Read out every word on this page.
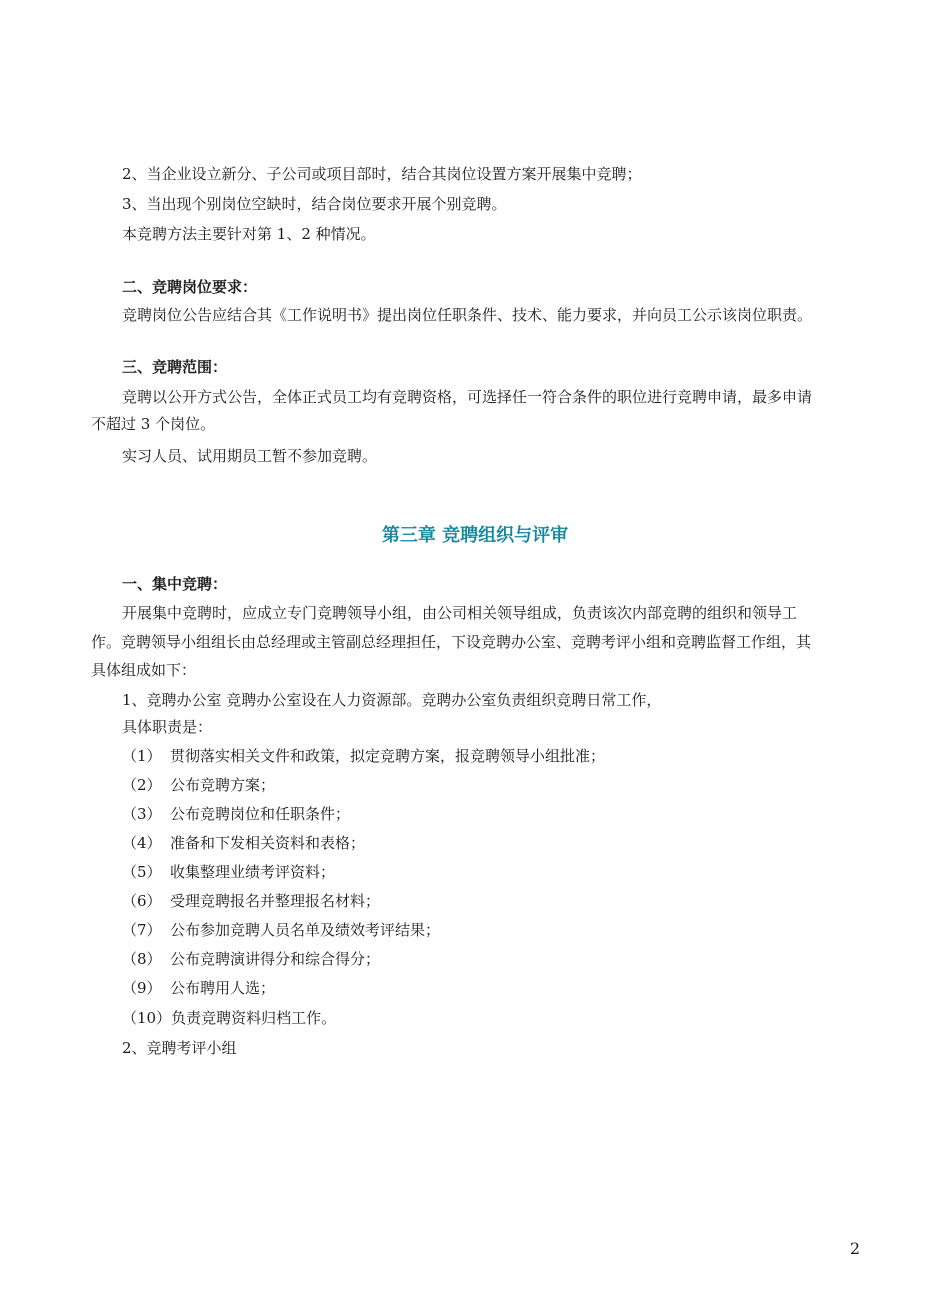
2、当企业设立新分、子公司或项目部时，结合其岗位设置方案开展集中竞聘；
3、当出现个别岗位空缺时，结合岗位要求开展个别竞聘。
本竞聘方法主要针对第 1、2 种情况。
二、竞聘岗位要求：
竞聘岗位公告应结合其《工作说明书》提出岗位任职条件、技术、能力要求，并向员工公示该岗位职责。
三、竞聘范围：
竞聘以公开方式公告，全体正式员工均有竞聘资格，可选择任一符合条件的职位进行竞聘申请，最多申请
不超过 3 个岗位。
实习人员、试用期员工暂不参加竞聘。
第三章 竞聘组织与评审
一、集中竞聘：
开展集中竞聘时，应成立专门竞聘领导小组，由公司相关领导组成，负责该次内部竞聘的组织和领导工
作。竞聘领导小组组长由总经理或主管副总经理担任，下设竞聘办公室、竞聘考评小组和竞聘监督工作组，其
具体组成如下：
1、竞聘办公室 竞聘办公室设在人力资源部。竞聘办公室负责组织竞聘日常工作，
具体职责是：
（1） 贯彻落实相关文件和政策，拟定竞聘方案，报竞聘领导小组批准；
（2） 公布竞聘方案；
（3） 公布竞聘岗位和任职条件；
（4） 准备和下发相关资料和表格；
（5） 收集整理业绩考评资料；
（6） 受理竞聘报名并整理报名材料；
（7） 公布参加竞聘人员名单及绩效考评结果；
（8） 公布竞聘演讲得分和综合得分；
（9） 公布聘用人选；
（10）负责竞聘资料归档工作。
2、竞聘考评小组
2
